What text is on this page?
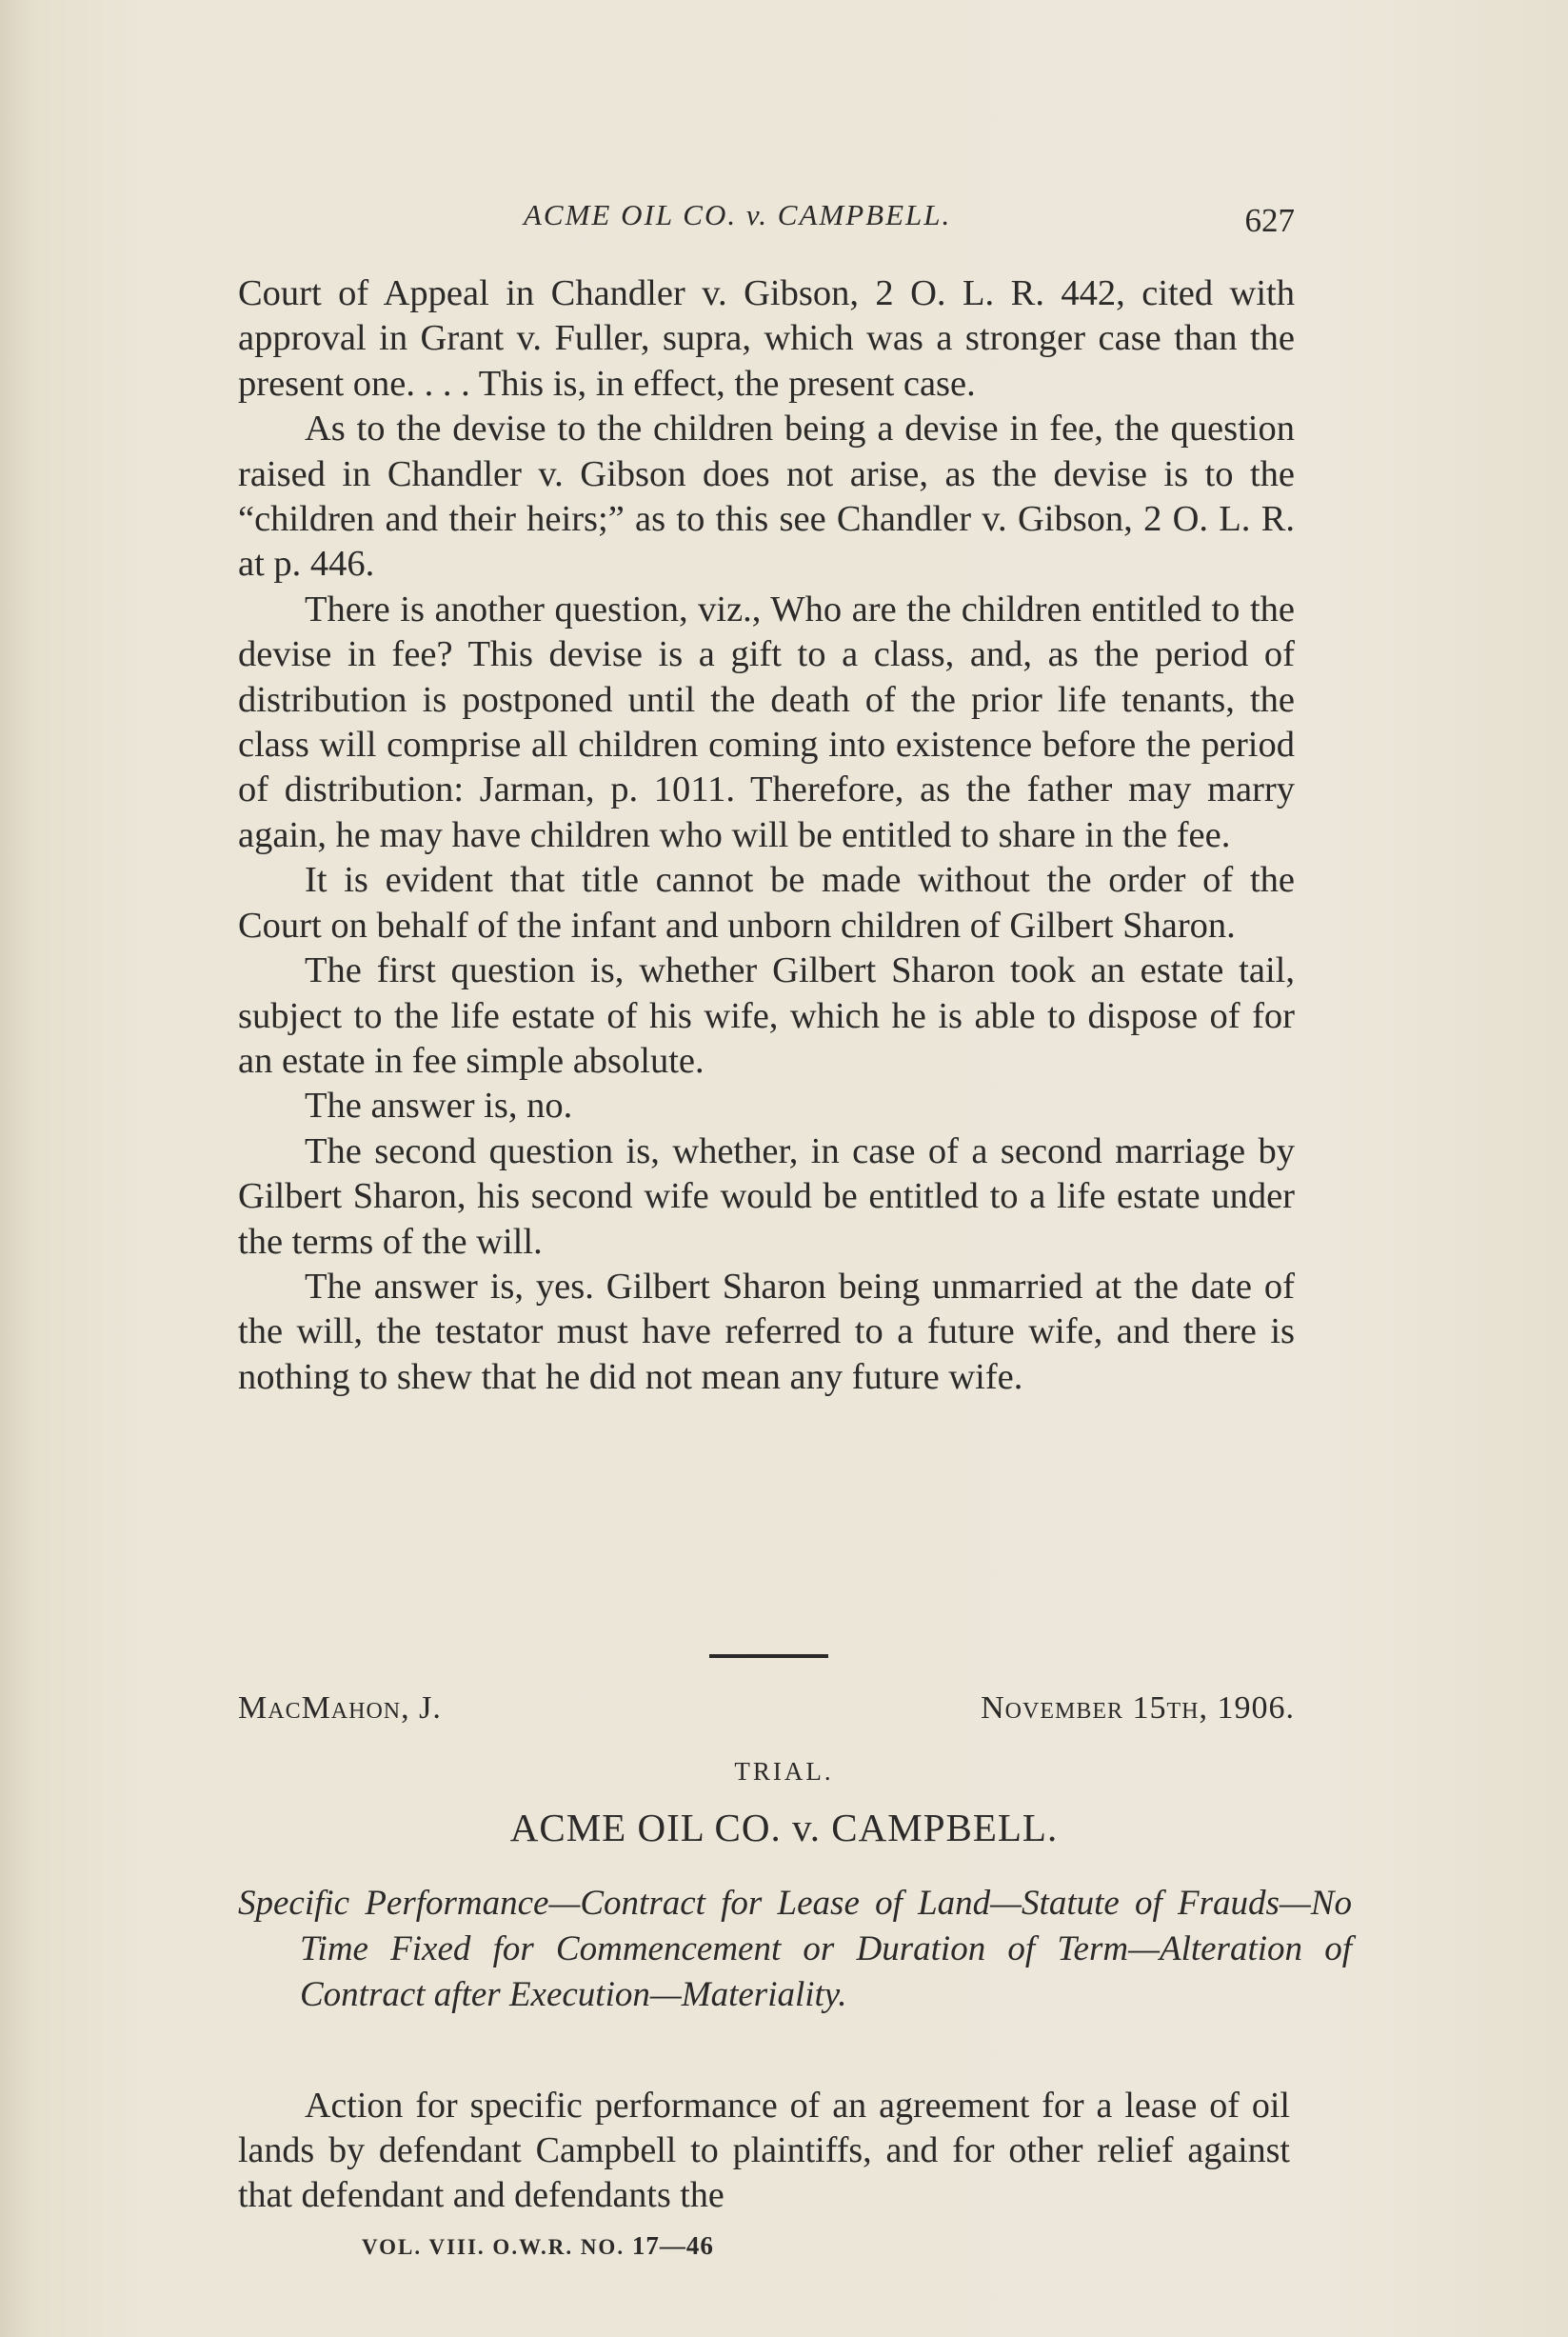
ACME OIL CO. v. CAMPBELL.	627

Court of Appeal in Chandler v. Gibson, 2 O. L. R. 442, cited with approval in Grant v. Fuller, supra, which was a stronger case than the present one. . . . This is, in effect, the present case.

As to the devise to the children being a devise in fee, the question raised in Chandler v. Gibson does not arise, as the devise is to the “children and their heirs;” as to this see Chandler v. Gibson, 2 O. L. R. at p. 446.

There is another question, viz., Who are the children entitled to the devise in fee? This devise is a gift to a class, and, as the period of distribution is postponed until the death of the prior life tenants, the class will comprise all children coming into existence before the period of distribution: Jarman, p. 1011. Therefore, as the father may marry again, he may have children who will be entitled to share in the fee.

It is evident that title cannot be made without the order of the Court on behalf of the infant and unborn children of Gilbert Sharon.

The first question is, whether Gilbert Sharon took an estate tail, subject to the life estate of his wife, which he is able to dispose of for an estate in fee simple absolute.

The answer is, no.

The second question is, whether, in case of a second marriage by Gilbert Sharon, his second wife would be entitled to a life estate under the terms of the will.

The answer is, yes. Gilbert Sharon being unmarried at the date of the will, the testator must have referred to a future wife, and there is nothing to shew that he did not mean any future wife.

MacMahon, J.	November 15th, 1906.
TRIAL.
ACME OIL CO. v. CAMPBELL.
Specific Performance—Contract for Lease of Land—Statute of Frauds—No Time Fixed for Commencement or Duration of Term—Alteration of Contract after Execution—Materiality.
Action for specific performance of an agreement for a lease of oil lands by defendant Campbell to plaintiffs, and for other relief against that defendant and defendants the
VOL. VIII. O.W.R. NO. 17—46
